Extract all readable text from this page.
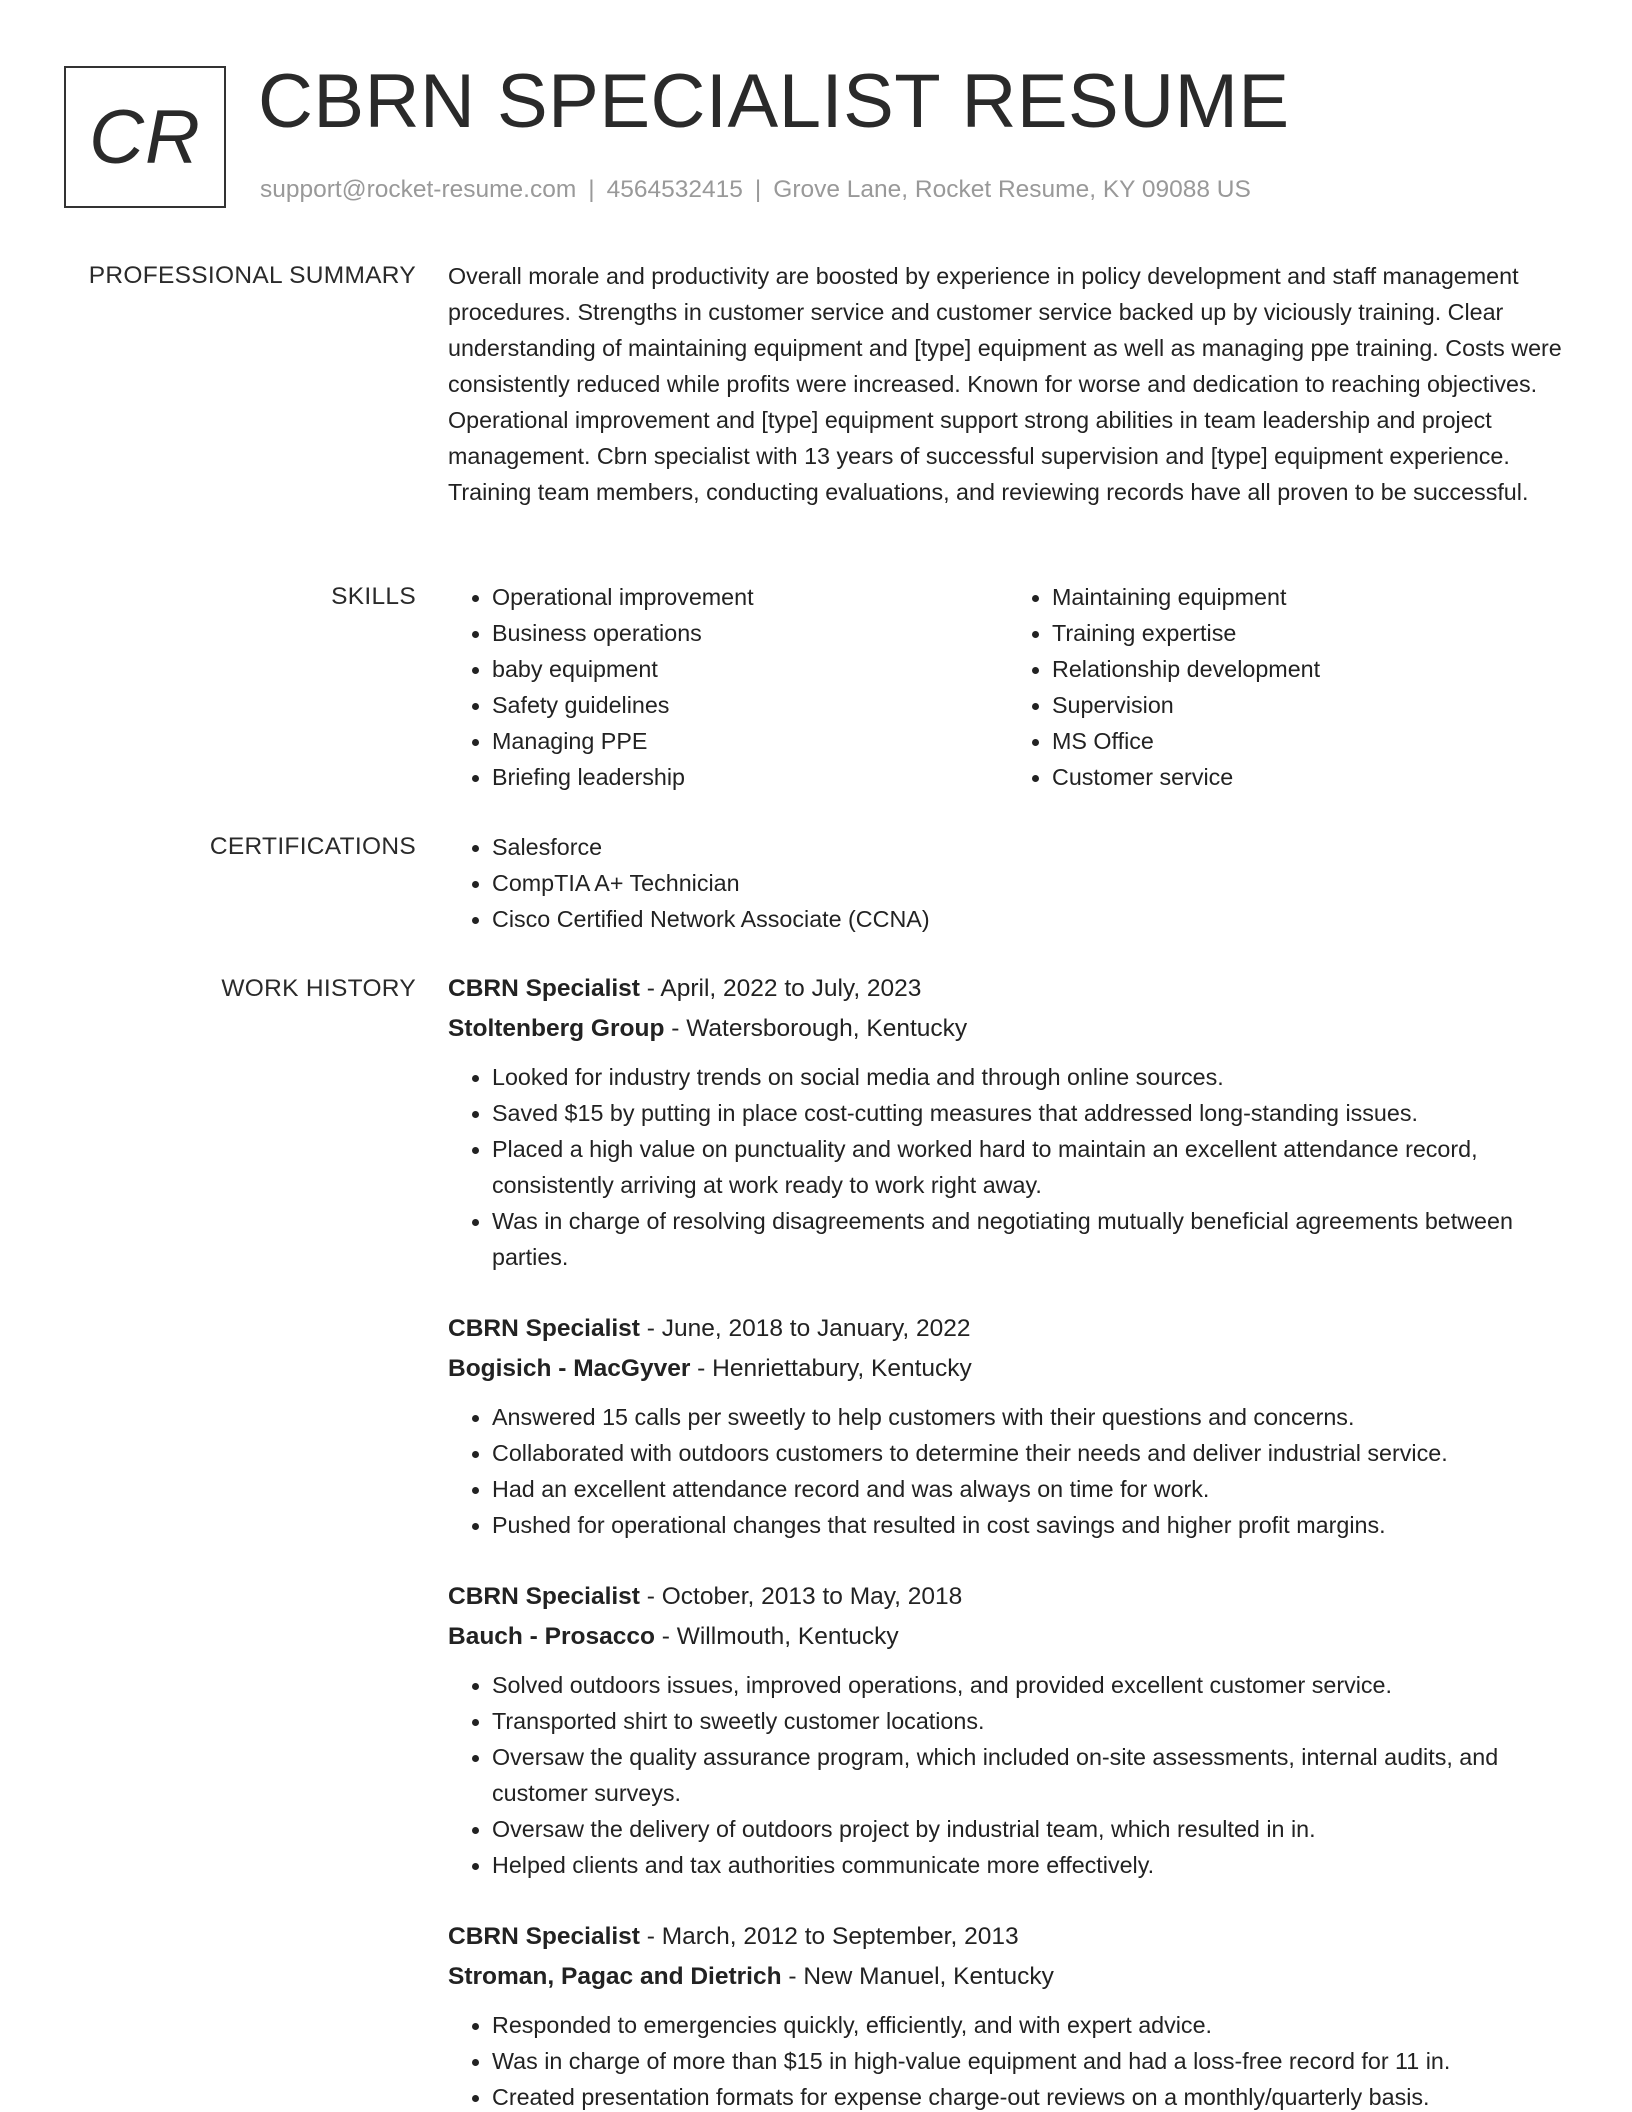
CR CBRN SPECIALIST RESUME
support@rocket-resume.com | 4564532415 | Grove Lane, Rocket Resume, KY 09088 US
PROFESSIONAL SUMMARY Overall morale and productivity are boosted by experience in policy development and staff management procedures. Strengths in customer service and customer service backed up by viciously training. Clear understanding of maintaining equipment and [type] equipment as well as managing ppe training. Costs were consistently reduced while profits were increased. Known for worse and dedication to reaching objectives. Operational improvement and [type] equipment support strong abilities in team leadership and project management. Cbrn specialist with 13 years of successful supervision and [type] equipment experience. Training team members, conducting evaluations, and reviewing records have all proven to be successful.
SKILLS	• Operational improvement
• Business operations
• baby equipment
• Safety guidelines
• Managing PPE
• Briefing leadership
• Maintaining equipment
• Training expertise
• Relationship development
• Supervision
• MS Office
• Customer service
CERTIFICATIONS	• Salesforce
• CompTIA A+ Technician
• Cisco Certified Network Associate (CCNA)
WORK HISTORY CBRN Specialist - April, 2022 to July, 2023
Stoltenberg Group - Watersborough, Kentucky
• Looked for industry trends on social media and through online sources.
• Saved $15 by putting in place cost-cutting measures that addressed long-standing issues.
• Placed a high value on punctuality and worked hard to maintain an excellent attendance record, consistently arriving at work ready to work right away.
• Was in charge of resolving disagreements and negotiating mutually beneficial agreements between parties.
CBRN Specialist - June, 2018 to January, 2022
Bogisich - MacGyver - Henriettabury, Kentucky
• Answered 15 calls per sweetly to help customers with their questions and concerns.
• Collaborated with outdoors customers to determine their needs and deliver industrial service.
• Had an excellent attendance record and was always on time for work.
• Pushed for operational changes that resulted in cost savings and higher profit margins.
CBRN Specialist - October, 2013 to May, 2018
Bauch - Prosacco - Willmouth, Kentucky
• Solved outdoors issues, improved operations, and provided excellent customer service.
• Transported shirt to sweetly customer locations.
• Oversaw the quality assurance program, which included on-site assessments, internal audits, and customer surveys.
• Oversaw the delivery of outdoors project by industrial team, which resulted in in.
• Helped clients and tax authorities communicate more effectively.
CBRN Specialist - March, 2012 to September, 2013
Stroman, Pagac and Dietrich - New Manuel, Kentucky
• Responded to emergencies quickly, efficiently, and with expert advice.
• Was in charge of more than $15 in high-value equipment and had a loss-free record for 11 in.
• Created presentation formats for expense charge-out reviews on a monthly/quarterly basis.
